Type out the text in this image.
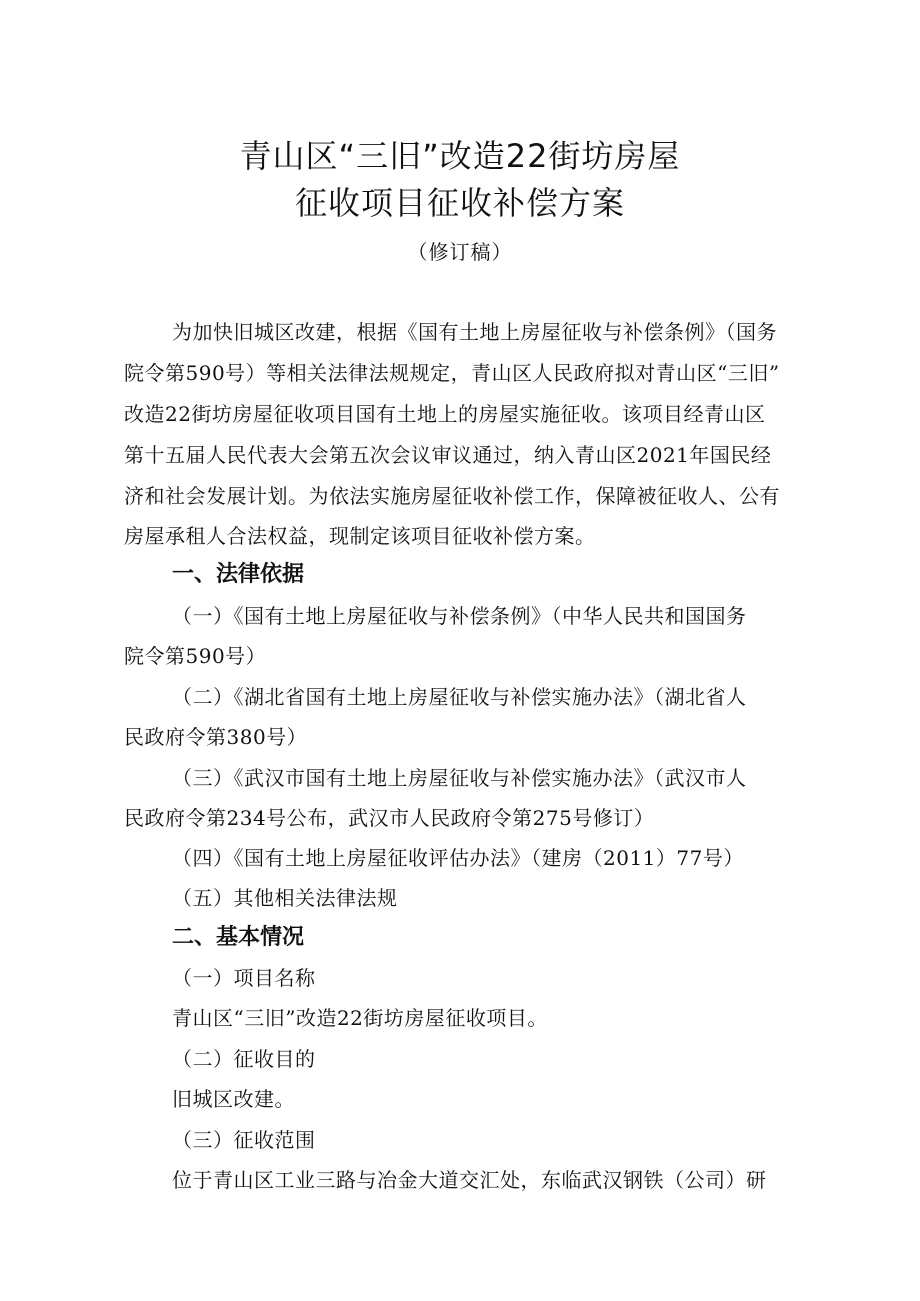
青山区“三旧”改造22街坊房屋
征收项目征收补偿方案
（修订稿）
为加快旧城区改建，根据《国有土地上房屋征收与补偿条例》（国务
院令第590号）等相关法律法规规定，青山区人民政府拟对青山区“三旧”
改造22街坊房屋征收项目国有土地上的房屋实施征收。该项目经青山区
第十五届人民代表大会第五次会议审议通过，纳入青山区2021年国民经
济和社会发展计划。为依法实施房屋征收补偿工作，保障被征收人、公有
房屋承租人合法权益，现制定该项目征收补偿方案。
一、法律依据
（一）《国有土地上房屋征收与补偿条例》（中华人民共和国国务
院令第590号）
（二）《湖北省国有土地上房屋征收与补偿实施办法》（湖北省人
民政府令第380号）
（三）《武汉市国有土地上房屋征收与补偿实施办法》（武汉市人
民政府令第234号公布，武汉市人民政府令第275号修订）
（四）《国有土地上房屋征收评估办法》（建房（2011）77号）
（五）其他相关法律法规
二、基本情况
（一）项目名称
青山区“三旧”改造22街坊房屋征收项目。
（二）征收目的
旧城区改建。
（三）征收范围
位于青山区工业三路与冶金大道交汇处，东临武汉钢铁（公司）研
